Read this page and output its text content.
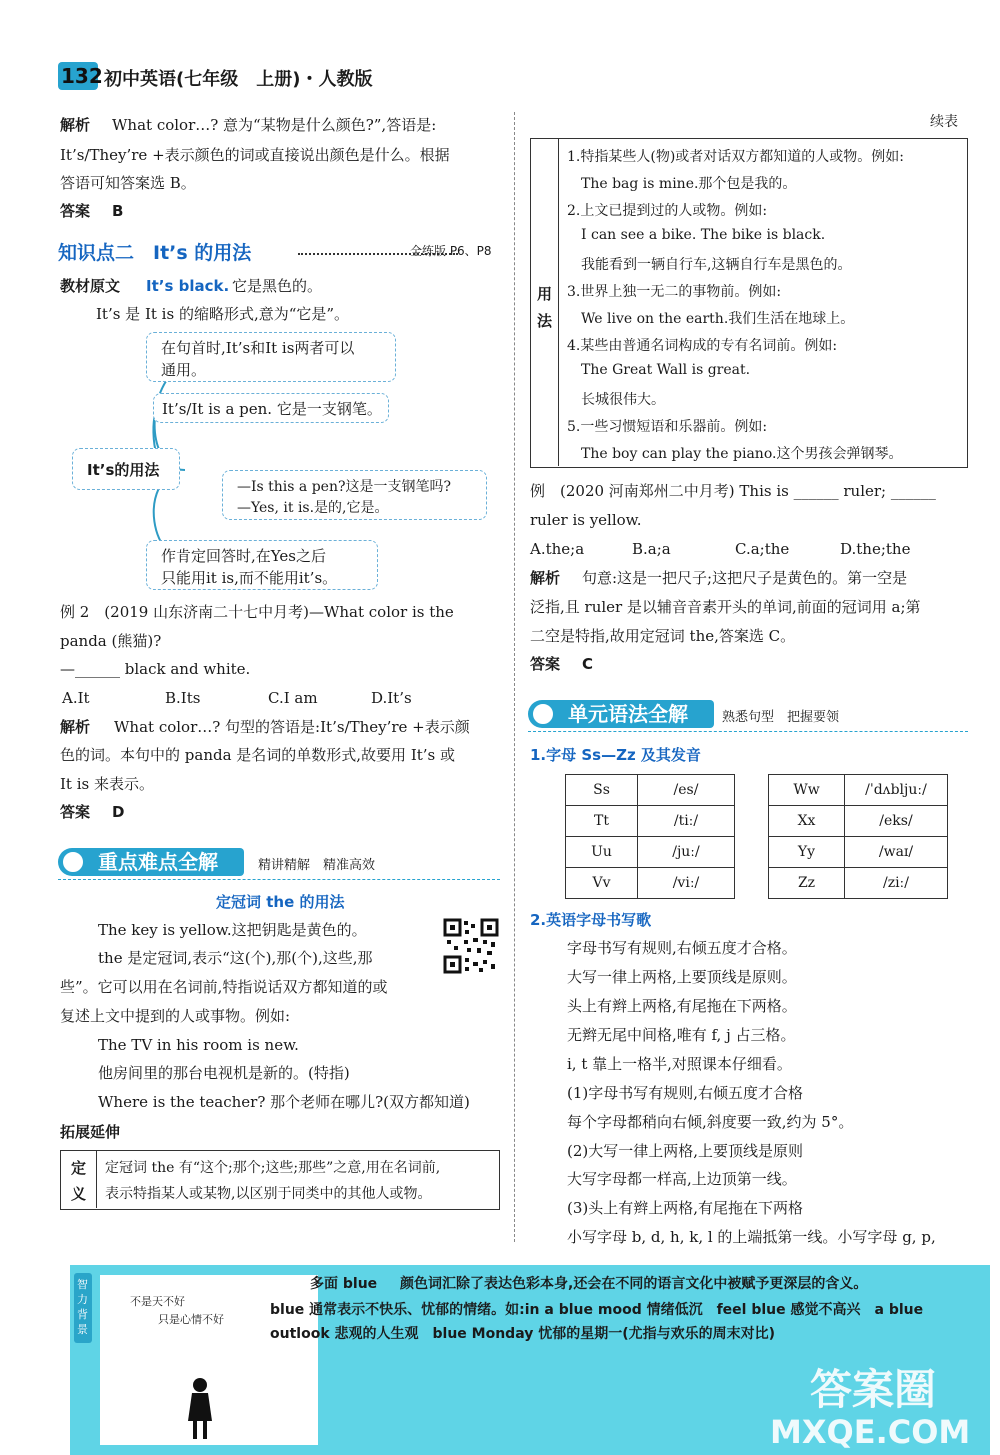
132 初中英语(七年级　上册)・人教版
解析 What color…? 意为“某物是什么颜色?”,答语是:
It’s/They’re +表示颜色的词或直接说出颜色是什么。根据
答语可知答案选 B。
答案 B
知识点二　It’s 的用法	全练版 P6、P8
教材原文 It’s black. 它是黑色的。
It’s 是 It is 的缩略形式,意为“它是”。
It’s的用法
在句首时,It’s和It is两者可以
通用。
It’s/It is a pen. 它是一支钢笔。
—Is this a pen?这是一支钢笔吗?
—Yes, it is.是的,它是。
作肯定回答时,在Yes之后
只能用it is,而不能用it’s。
例 2　(2019 山东济南二十七中月考)—What color is the
panda (熊猫)?
—______ black and white.
A.It	B.Its	C.I am	D.It’s
解析 What color…? 句型的答语是:It’s/They’re +表示颜
色的词。本句中的 panda 是名词的单数形式,故要用 It’s 或
It is 来表示。
答案 D
重点难点全解	精讲精解　精准高效
定冠词 the 的用法
The key is yellow.这把钥匙是黄色的。
the 是定冠词,表示“这(个),那(个),这些,那
些”。它可以用在名词前,特指说话双方都知道的或
复述上文中提到的人或事物。例如:
The TV in his room is new.
他房间里的那台电视机是新的。(特指)
Where is the teacher? 那个老师在哪儿?(双方都知道)
拓展延伸
定
义
定冠词 the 有“这个;那个;这些;那些”之意,用在名词前,
表示特指某人或某物,以区别于同类中的其他人或物。
续表
用
法
1.特指某些人(物)或者对话双方都知道的人或物。例如:
The bag is mine.那个包是我的。
2.上文已提到过的人或物。例如:
I can see a bike. The bike is black.
我能看到一辆自行车,这辆自行车是黑色的。
3.世界上独一无二的事物前。例如:
We live on the earth.我们生活在地球上。
4.某些由普通名词构成的专有名词前。例如:
The Great Wall is great.
长城很伟大。
5.一些习惯短语和乐器前。例如:
The boy can play the piano.这个男孩会弹钢琴。
例　(2020 河南郑州二中月考) This is ______ ruler; ______
ruler is yellow.
A.the;a	B.a;a	C.a;the	D.the;the
解析 句意:这是一把尺子;这把尺子是黄色的。第一空是
泛指,且 ruler 是以辅音音素开头的单词,前面的冠词用 a;第
二空是特指,故用定冠词 the,答案选 C。
答案 C
单元语法全解	熟悉句型　把握要领
1.字母 Ss—Zz 及其发音
Ss	/es/
Tt	/tiː/
Uu	/juː/
Vv	/viː/
Ww	/ˈdʌbljuː/
Xx	/eks/
Yy	/waɪ/
Zz	/ziː/
2.英语字母书写歌
字母书写有规则,右倾五度才合格。
大写一律上两格,上要顶线是原则。
头上有辫上两格,有尾拖在下两格。
无辫无尾中间格,唯有 f, j 占三格。
i, t 靠上一格半,对照课本仔细看。
(1)字母书写有规则,右倾五度才合格
每个字母都稍向右倾,斜度要一致,约为 5°。
(2)大写一律上两格,上要顶线是原则
大写字母都一样高,上边顶第一线。
(3)头上有辫上两格,有尾拖在下两格
小写字母 b, d, h, k, l 的上端抵第一线。小写字母 g, p,
智力背景
不是天不好
只是心情不好
多面 blue 颜色词汇除了表达色彩本身,还会在不同的语言文化中被赋予更深层的含义。
blue 通常表示不快乐、忧郁的情绪。如:in a blue mood 情绪低沉　feel blue 感觉不高兴　a blue
outlook 悲观的人生观　blue Monday 忧郁的星期一(尤指与欢乐的周末对比)
答案圈
MXQE.COM
